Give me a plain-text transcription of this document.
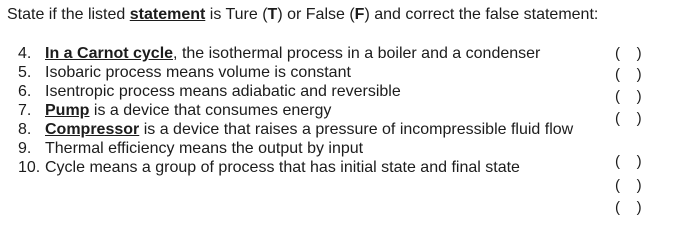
State if the listed statement is Ture (T) or False (F) and correct the false statement:
4. In a Carnot cycle, the isothermal process in a boiler and a condenser
5. Isobaric process means volume is constant
6. Isentropic process means adiabatic and reversible
7. Pump is a device that consumes energy
8. Compressor is a device that raises a pressure of incompressible fluid flow
9. Thermal efficiency means the output by input
10. Cycle means a group of process that has initial state and final state
(    )
(    )
(    )
(    )
(    )
(    )
(    )
